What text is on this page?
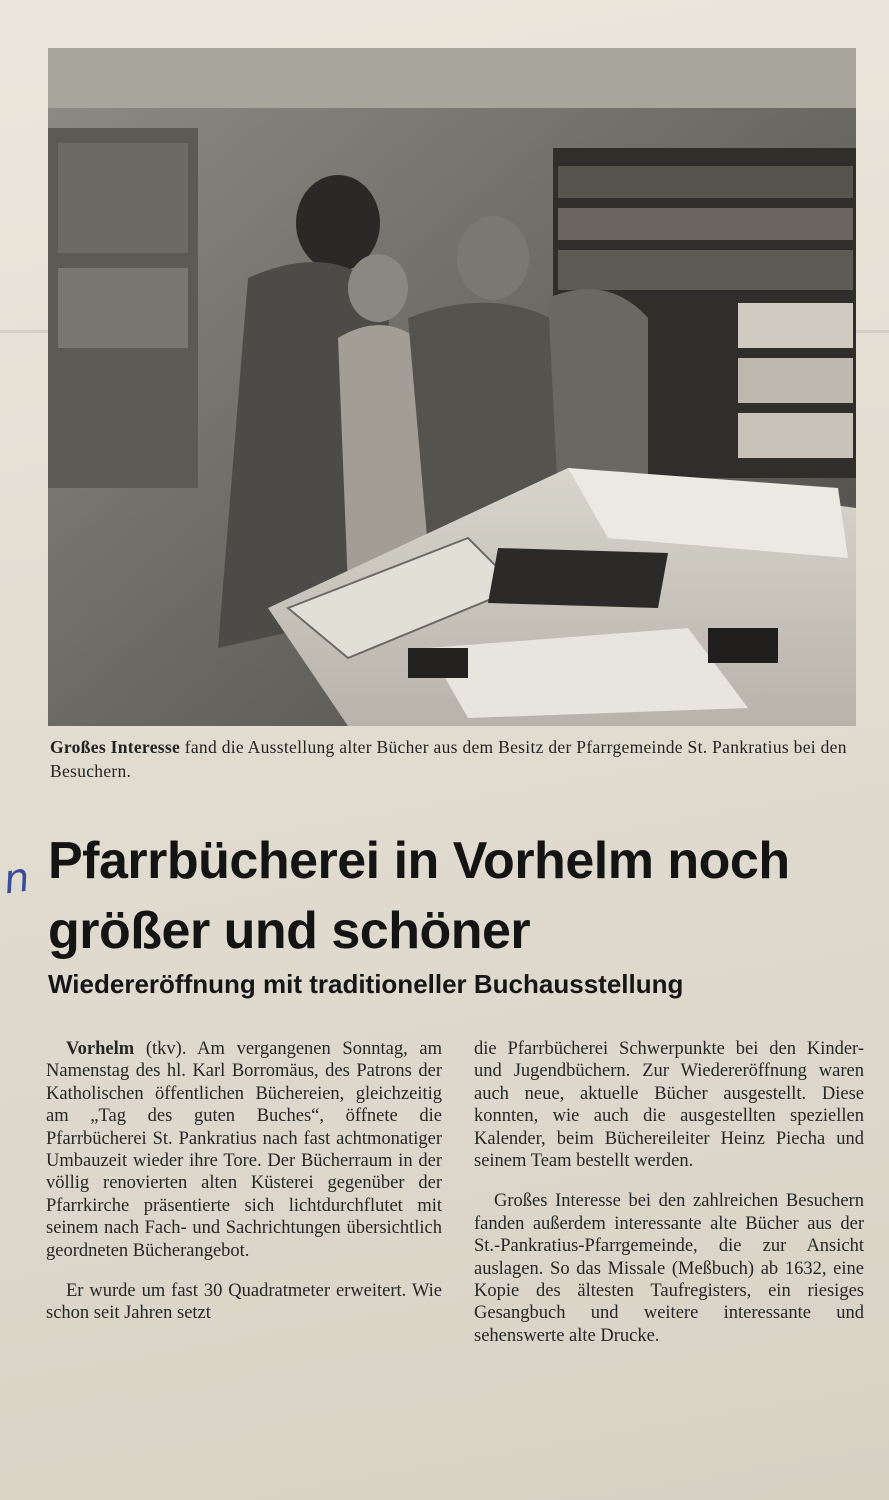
Großes Interesse fand die Ausstellung alter Bücher aus dem Besitz der Pfarrgemeinde St. Pankratius bei den Besuchern.
n Pfarrbücherei in Vorhelm noch größer und schöner
Wiedereröffnung mit traditioneller Buchausstellung

Vorhelm (tkv). Am vergangenen Sonntag, am Namenstag des hl. Karl Borromäus, des Patrons der Katholischen öffentlichen Büchereien, gleichzeitig am „Tag des guten Buches“, öffnete die Pfarrbücherei St. Pankratius nach fast achtmonatiger Umbauzeit wieder ihre Tore. Der Bücherraum in der völlig renovierten alten Küsterei gegenüber der Pfarrkirche präsentierte sich lichtdurchflutet mit seinem nach Fach- und Sachrichtungen übersichtlich geordneten Bücherangebot.

Er wurde um fast 30 Quadratmeter erweitert. Wie schon seit Jahren setzt

die Pfarrbücherei Schwerpunkte bei den Kinder- und Jugendbüchern. Zur Wiedereröffnung waren auch neue, aktuelle Bücher ausgestellt. Diese konnten, wie auch die ausgestellten speziellen Kalender, beim Büchereileiter Heinz Piecha und seinem Team bestellt werden.

Großes Interesse bei den zahlreichen Besuchern fanden außerdem interessante alte Bücher aus der St.-Pankratius-Pfarrgemeinde, die zur Ansicht auslagen. So das Missale (Meßbuch) ab 1632, eine Kopie des ältesten Taufregisters, ein riesiges Gesangbuch und weitere interessante und sehenswerte alte Drucke.
